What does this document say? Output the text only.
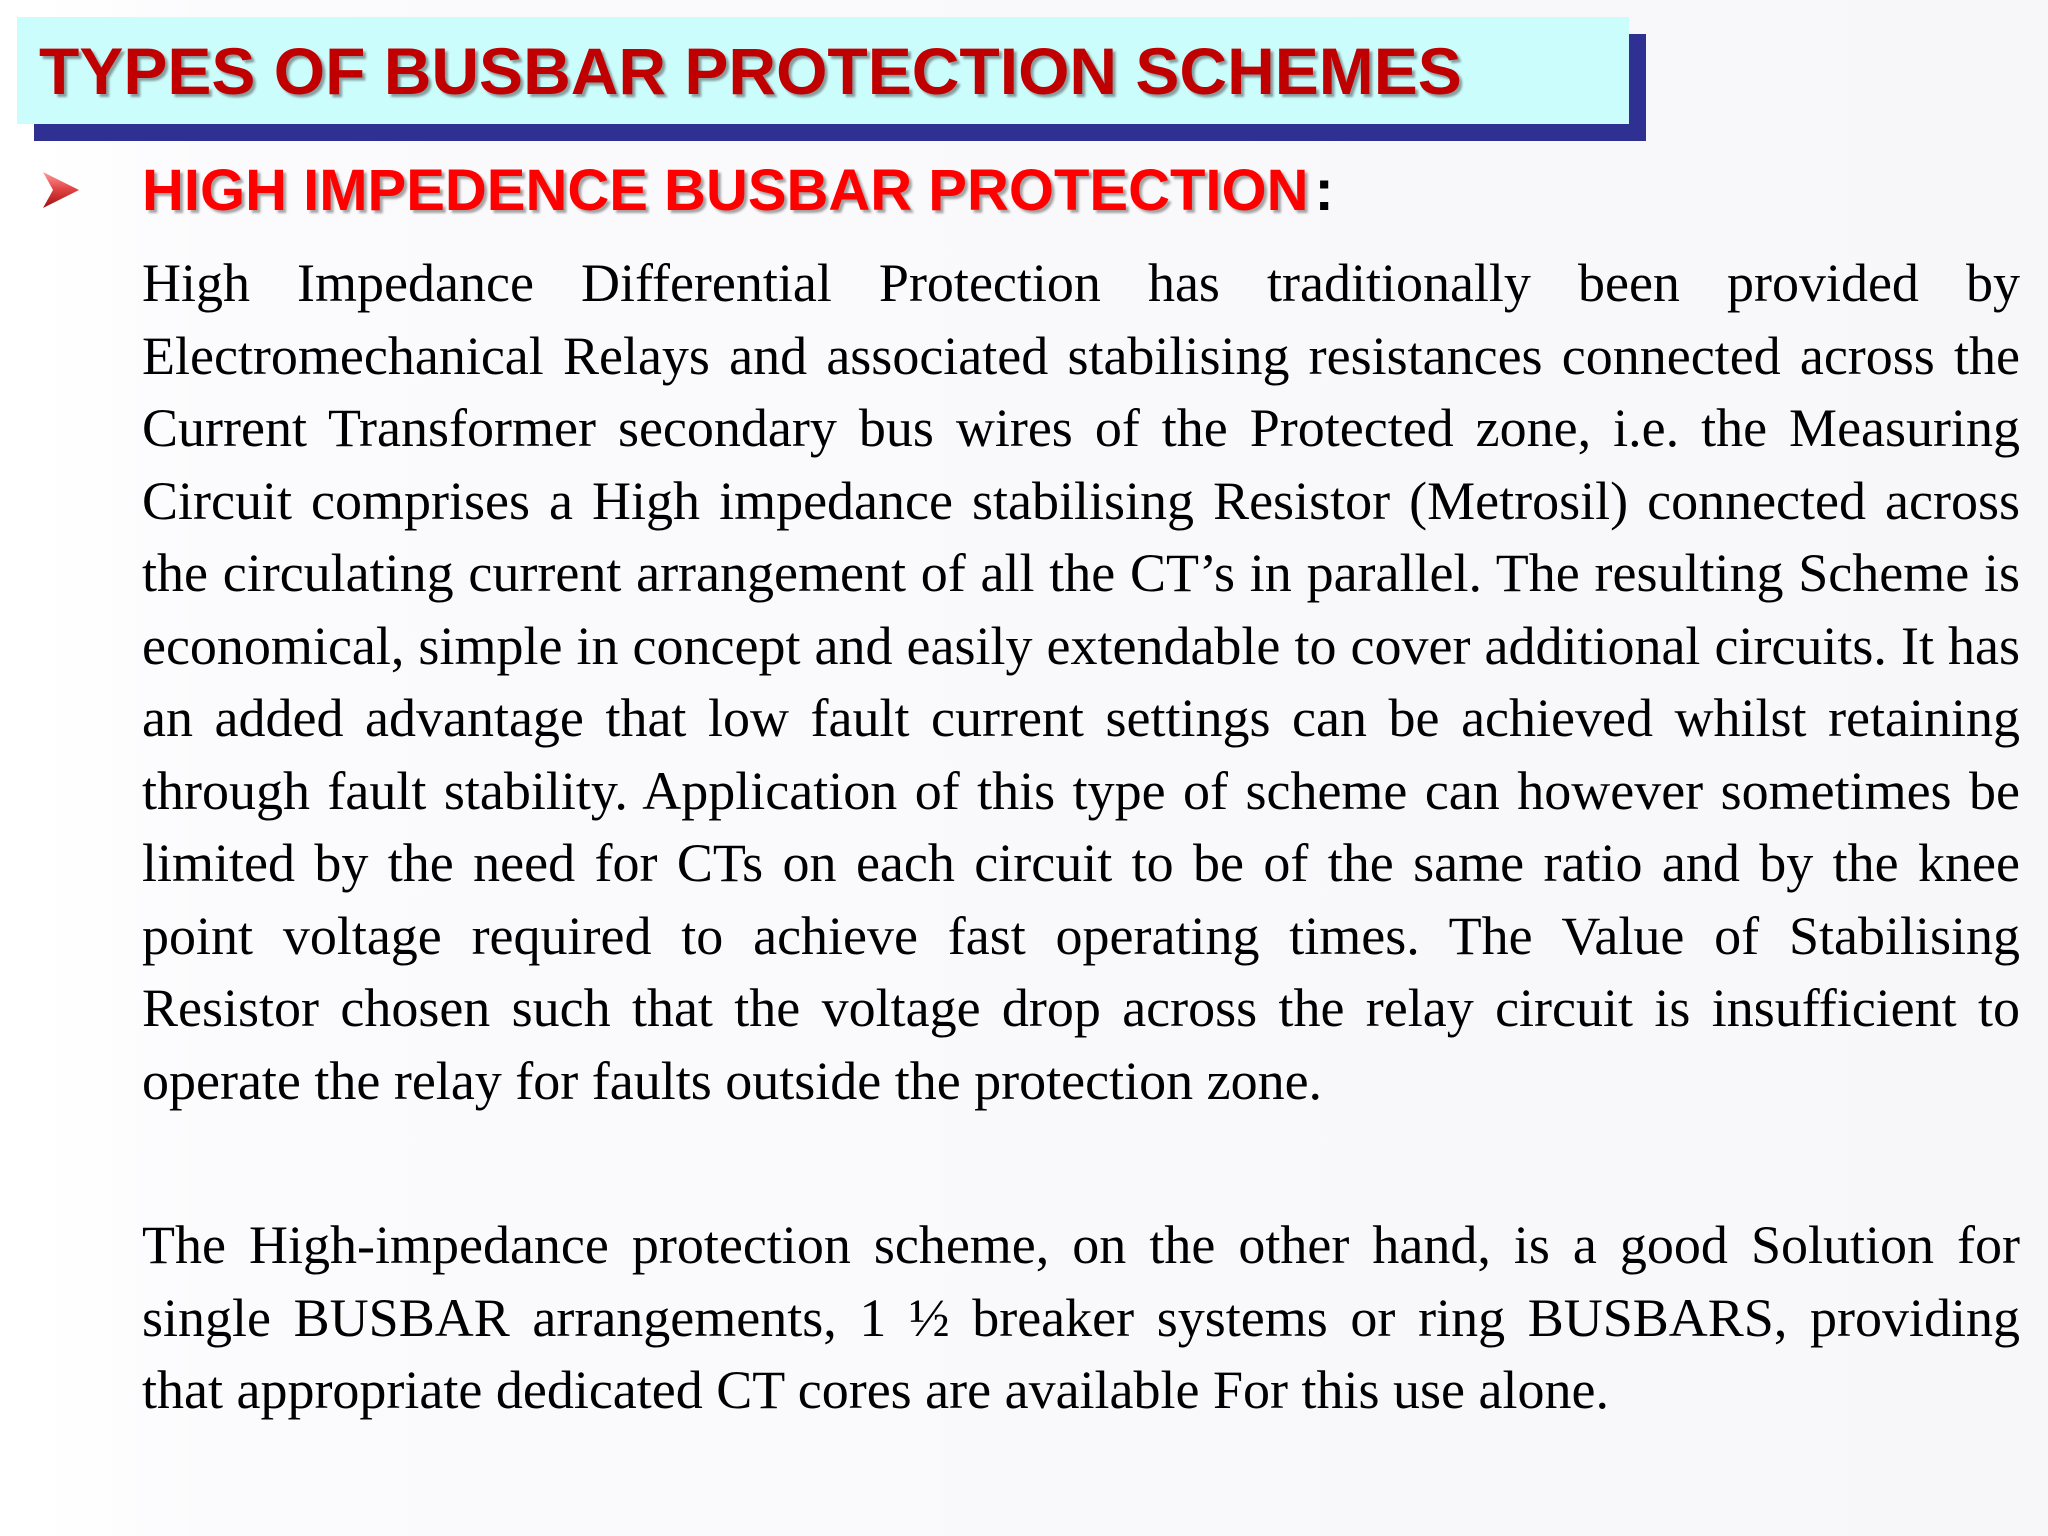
TYPES OF BUSBAR PROTECTION SCHEMES
HIGH IMPEDENCE BUSBAR PROTECTION :

High Impedance Differential Protection has traditionally been provided by Electromechanical Relays and associated stabilising resistances connected across the Current Transformer secondary bus wires of the Protected zone, i.e. the Measuring Circuit comprises a High impedance stabilising Resistor (Metrosil) connected across the circulating current arrangement of all the CT’s in parallel. The resulting Scheme is economical, simple in concept and easily extendable to cover additional circuits. It has an added advantage that low fault current settings can be achieved whilst retaining through fault stability. Application of this type of scheme can however sometimes be limited by the need for CTs on each circuit to be of the same ratio and by the knee point voltage required to achieve fast operating times. The Value of Stabilising Resistor chosen such that the voltage drop across the relay circuit is insufficient to operate the relay for faults outside the protection zone.

The High-impedance protection scheme, on the other hand, is a good Solution for single BUSBAR arrangements, 1 ½ breaker systems or ring BUSBARS, providing that appropriate dedicated CT cores are available For this use alone.
